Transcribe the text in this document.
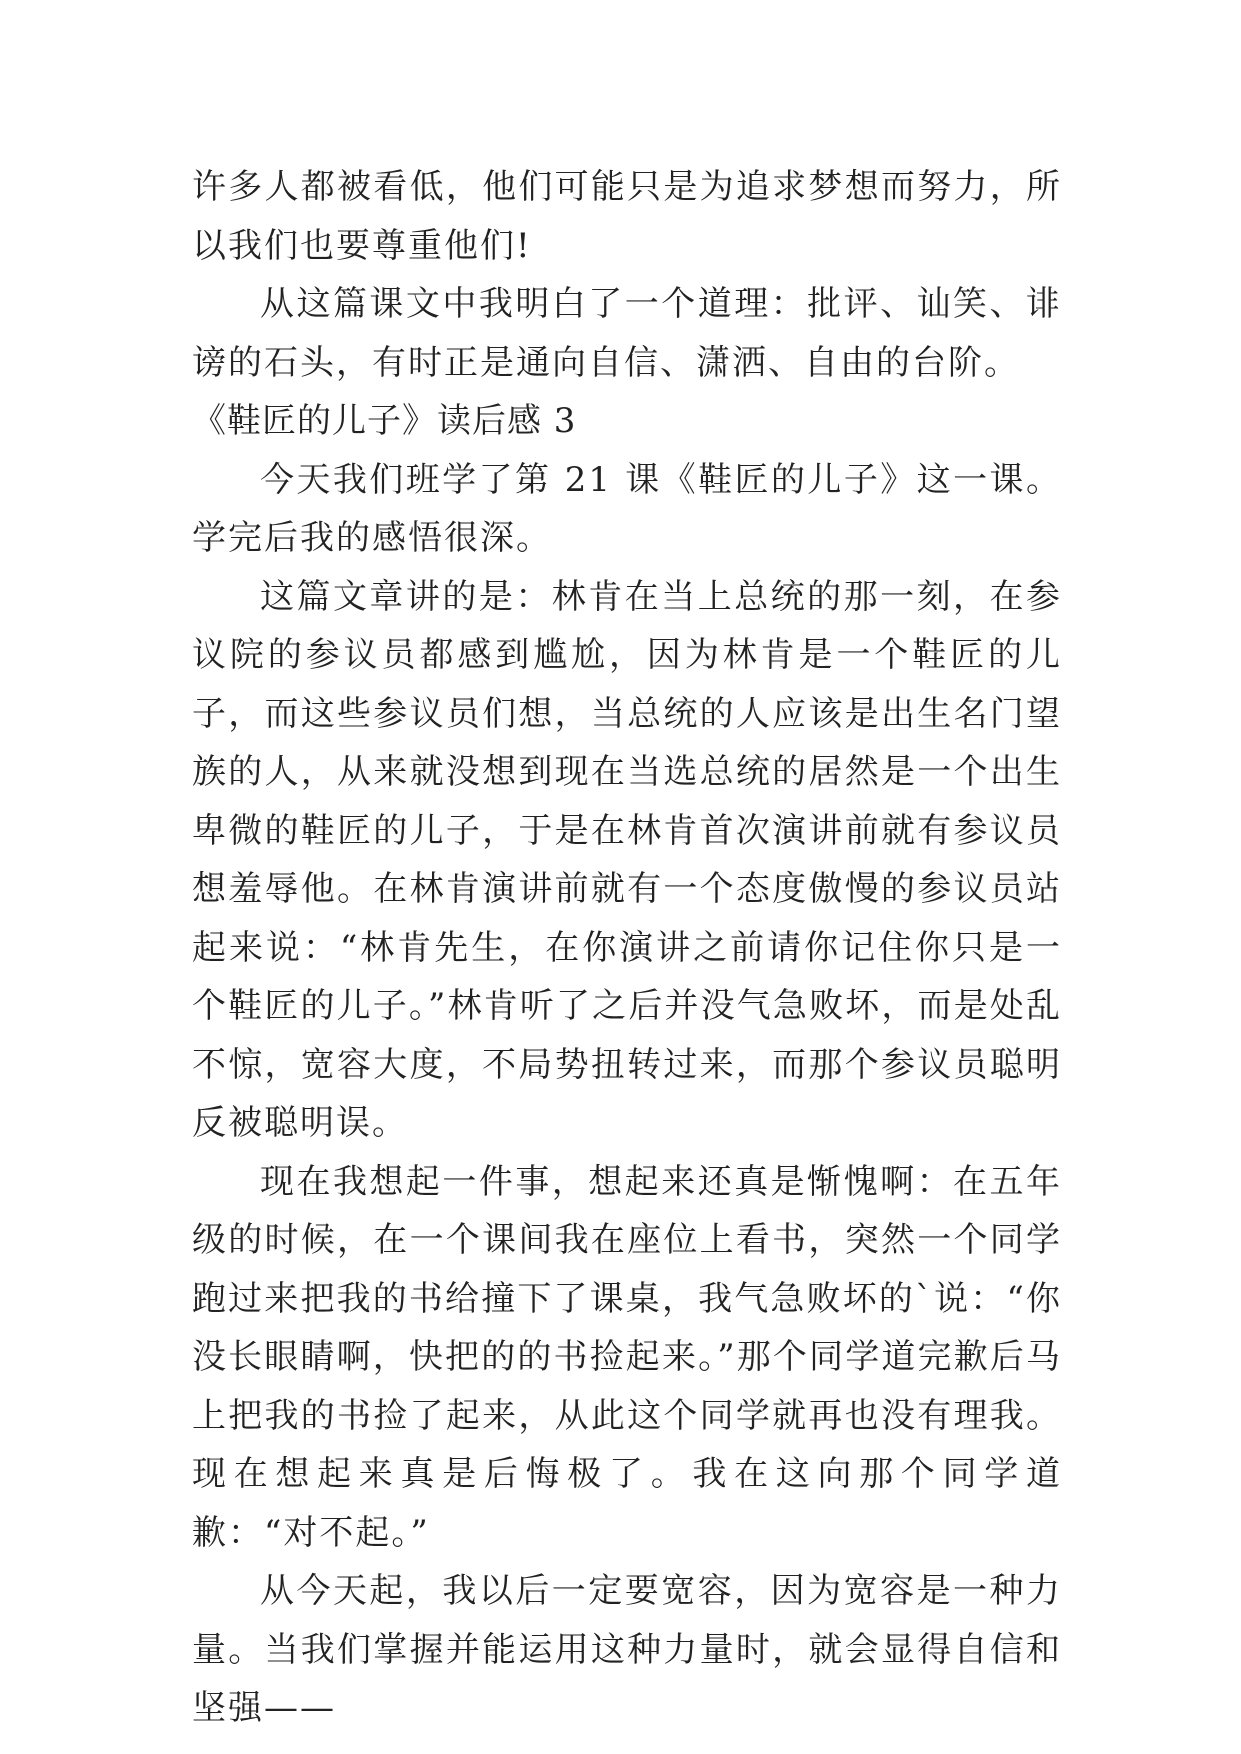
许多人都被看低，他们可能只是为追求梦想而努力，所以我们也要尊重他们!

从这篇课文中我明白了一个道理：批评、讪笑、诽谤的石头，有时正是通向自信、潇洒、自由的台阶。

《鞋匠的儿子》读后感 3

今天我们班学了第 21 课《鞋匠的儿子》这一课。学完后我的感悟很深。

这篇文章讲的是：林肯在当上总统的那一刻，在参议院的参议员都感到尴尬，因为林肯是一个鞋匠的儿子，而这些参议员们想，当总统的人应该是出生名门望族的人，从来就没想到现在当选总统的居然是一个出生卑微的鞋匠的儿子，于是在林肯首次演讲前就有参议员想羞辱他。在林肯演讲前就有一个态度傲慢的参议员站起来说：“林肯先生，在你演讲之前请你记住你只是一个鞋匠的儿子。”林肯听了之后并没气急败坏，而是处乱不惊，宽容大度，不局势扭转过来，而那个参议员聪明反被聪明误。

现在我想起一件事，想起来还真是惭愧啊：在五年级的时候，在一个课间我在座位上看书，突然一个同学跑过来把我的书给撞下了课桌，我气急败坏的`说：“你没长眼睛啊，快把的的书捡起来。”那个同学道完歉后马上把我的书捡了起来，从此这个同学就再也没有理我。现在想起来真是后悔极了。我在这向那个同学道歉：“对不起。”

从今天起，我以后一定要宽容，因为宽容是一种力量。当我们掌握并能运用这种力量时，就会显得自信和坚强——
